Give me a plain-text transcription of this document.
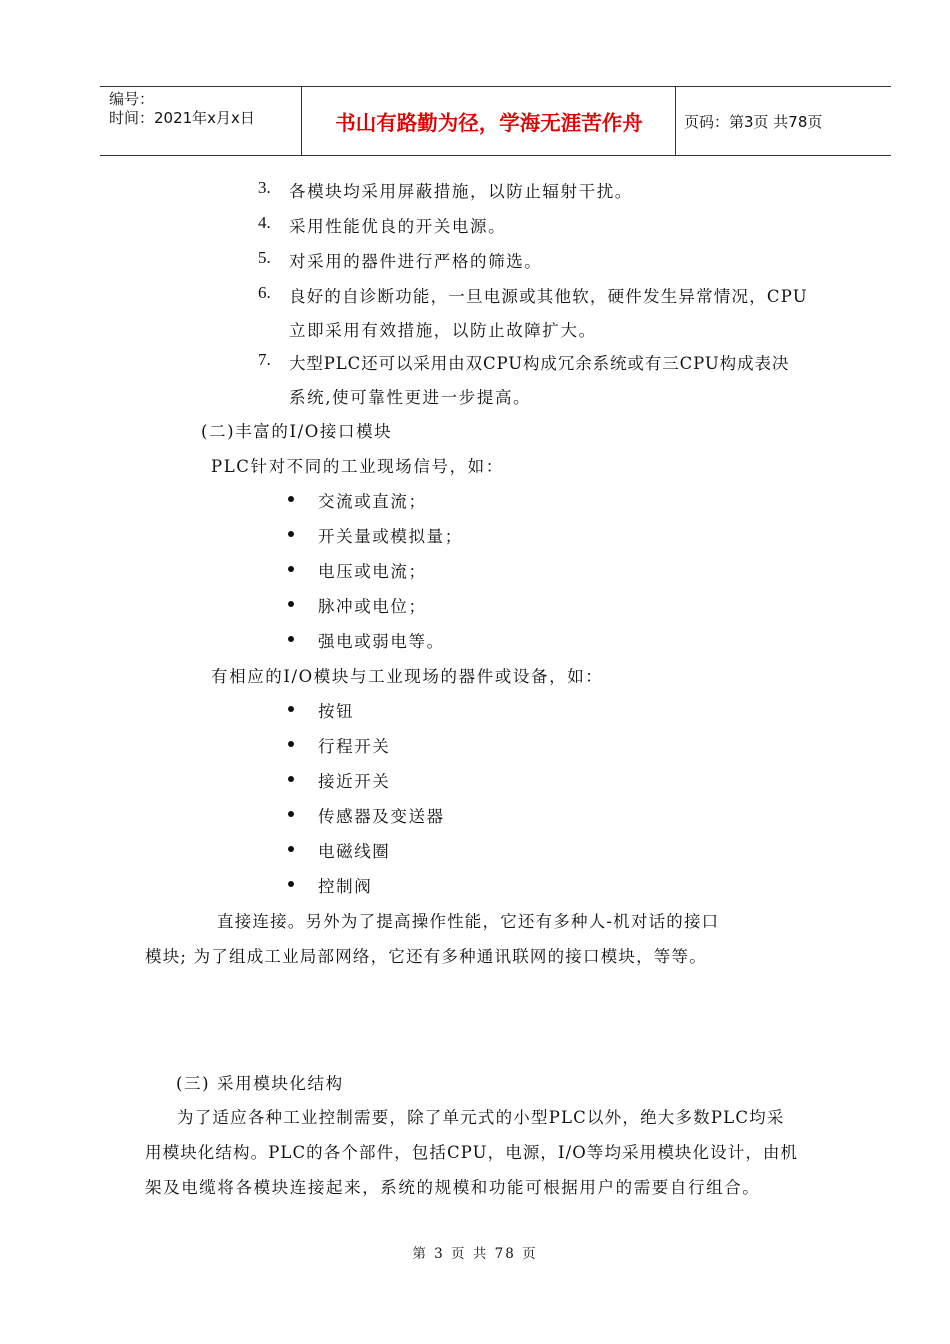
编号：
时间：2021年x月x日	书山有路勤为径，学海无涯苦作舟	页码：第3页 共78页
3. 各模块均采用屏蔽措施，以防止辐射干扰。
4. 采用性能优良的开关电源。
5. 对采用的器件进行严格的筛选。
6. 良好的自诊断功能，一旦电源或其他软，硬件发生异常情况，CPU
立即采用有效措施，以防止故障扩大。
7. 大型PLC还可以采用由双CPU构成冗余系统或有三CPU构成表决
系统,使可靠性更进一步提高。
(二)丰富的I/O接口模块
PLC针对不同的工业现场信号，如：
交流或直流；
开关量或模拟量；
电压或电流；
脉冲或电位；
强电或弱电等。
有相应的I/O模块与工业现场的器件或设备，如：
按钮
行程开关
接近开关
传感器及变送器
电磁线圈
控制阀
直接连接。另外为了提高操作性能，它还有多种人-机对话的接口
模块; 为了组成工业局部网络，它还有多种通讯联网的接口模块，等等。
(三) 采用模块化结构
为了适应各种工业控制需要，除了单元式的小型PLC以外，绝大多数PLC均采
用模块化结构。PLC的各个部件，包括CPU，电源，I/O等均采用模块化设计，由机
架及电缆将各模块连接起来，系统的规模和功能可根据用户的需要自行组合。
第 3 页 共 78 页
